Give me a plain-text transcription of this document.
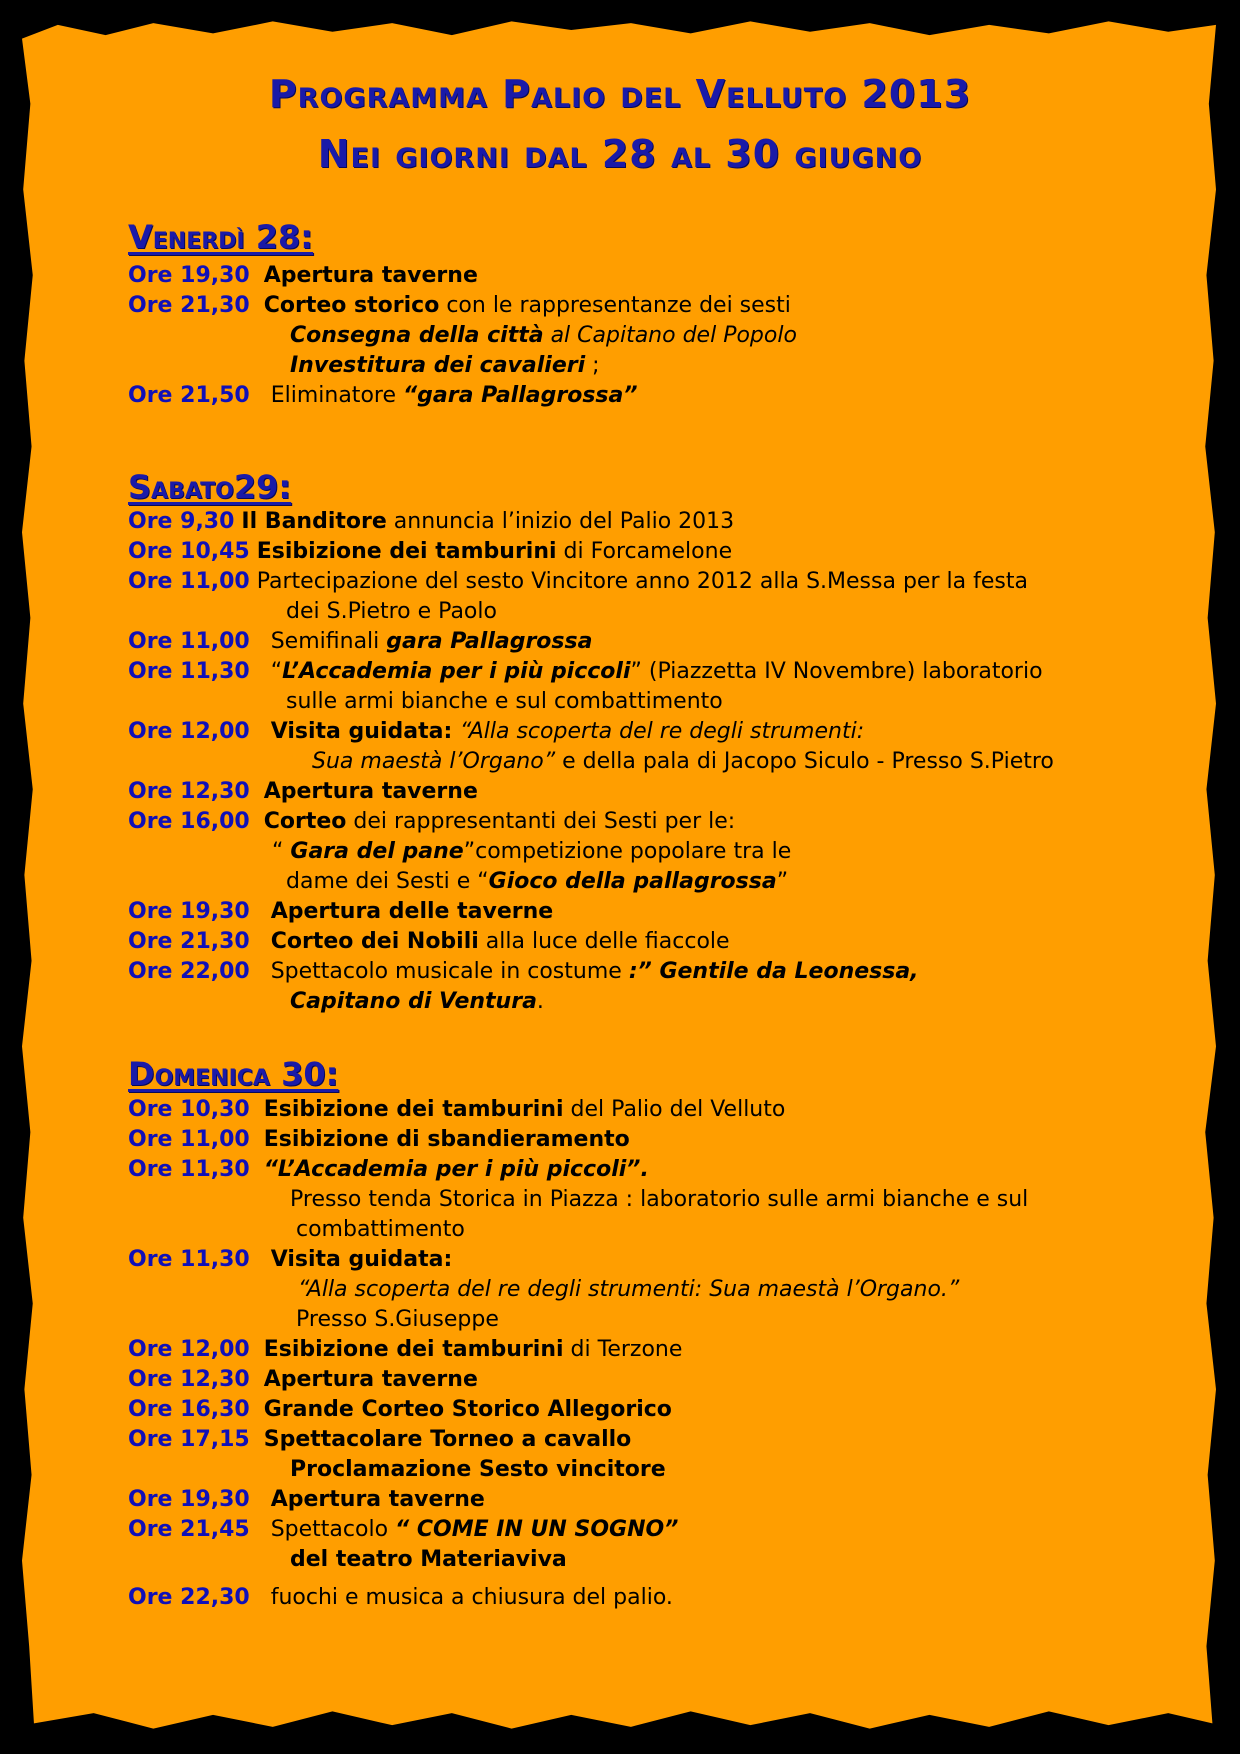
Programma Palio del Velluto 2013
Nei giorni dal 28 al 30 giugno
Venerdì 28:
Ore 19,30 Apertura taverne
Ore 21,30 Corteo storico con le rappresentanze dei sesti
Consegna della città al Capitano del Popolo
Investitura dei cavalieri ;
Ore 21,50 Eliminatore “gara Pallagrossa”
Sabato29:
Ore 9,30 Il Banditore annuncia l’inizio del Palio 2013
Ore 10,45 Esibizione dei tamburini di Forcamelone
Ore 11,00 Partecipazione del sesto Vincitore anno 2012 alla S.Messa per la festa
dei S.Pietro e Paolo
Ore 11,00 Semifinali gara Pallagrossa
Ore 11,30 “L’Accademia per i più piccoli” (Piazzetta IV Novembre) laboratorio
sulle armi bianche e sul combattimento
Ore 12,00 Visita guidata: “Alla scoperta del re degli strumenti:
Sua maestà l’Organo” e della pala di Jacopo Siculo - Presso S.Pietro
Ore 12,30 Apertura taverne
Ore 16,00 Corteo dei rappresentanti dei Sesti per le:
“ Gara del pane”competizione popolare tra le
dame dei Sesti e “Gioco della pallagrossa”
Ore 19,30 Apertura delle taverne
Ore 21,30 Corteo dei Nobili alla luce delle fiaccole
Ore 22,00 Spettacolo musicale in costume :” Gentile da Leonessa,
Capitano di Ventura.
Domenica 30:
Ore 10,30 Esibizione dei tamburini del Palio del Velluto
Ore 11,00 Esibizione di sbandieramento
Ore 11,30 “L’Accademia per i più piccoli”.
Presso tenda Storica in Piazza : laboratorio sulle armi bianche e sul
combattimento
Ore 11,30 Visita guidata:
“Alla scoperta del re degli strumenti: Sua maestà l’Organo.”
Presso S.Giuseppe
Ore 12,00 Esibizione dei tamburini di Terzone
Ore 12,30 Apertura taverne
Ore 16,30 Grande Corteo Storico Allegorico
Ore 17,15 Spettacolare Torneo a cavallo
Proclamazione Sesto vincitore
Ore 19,30 Apertura taverne
Ore 21,45 Spettacolo “ COME IN UN SOGNO”
del teatro Materiaviva
Ore 22,30 fuochi e musica a chiusura del palio.
